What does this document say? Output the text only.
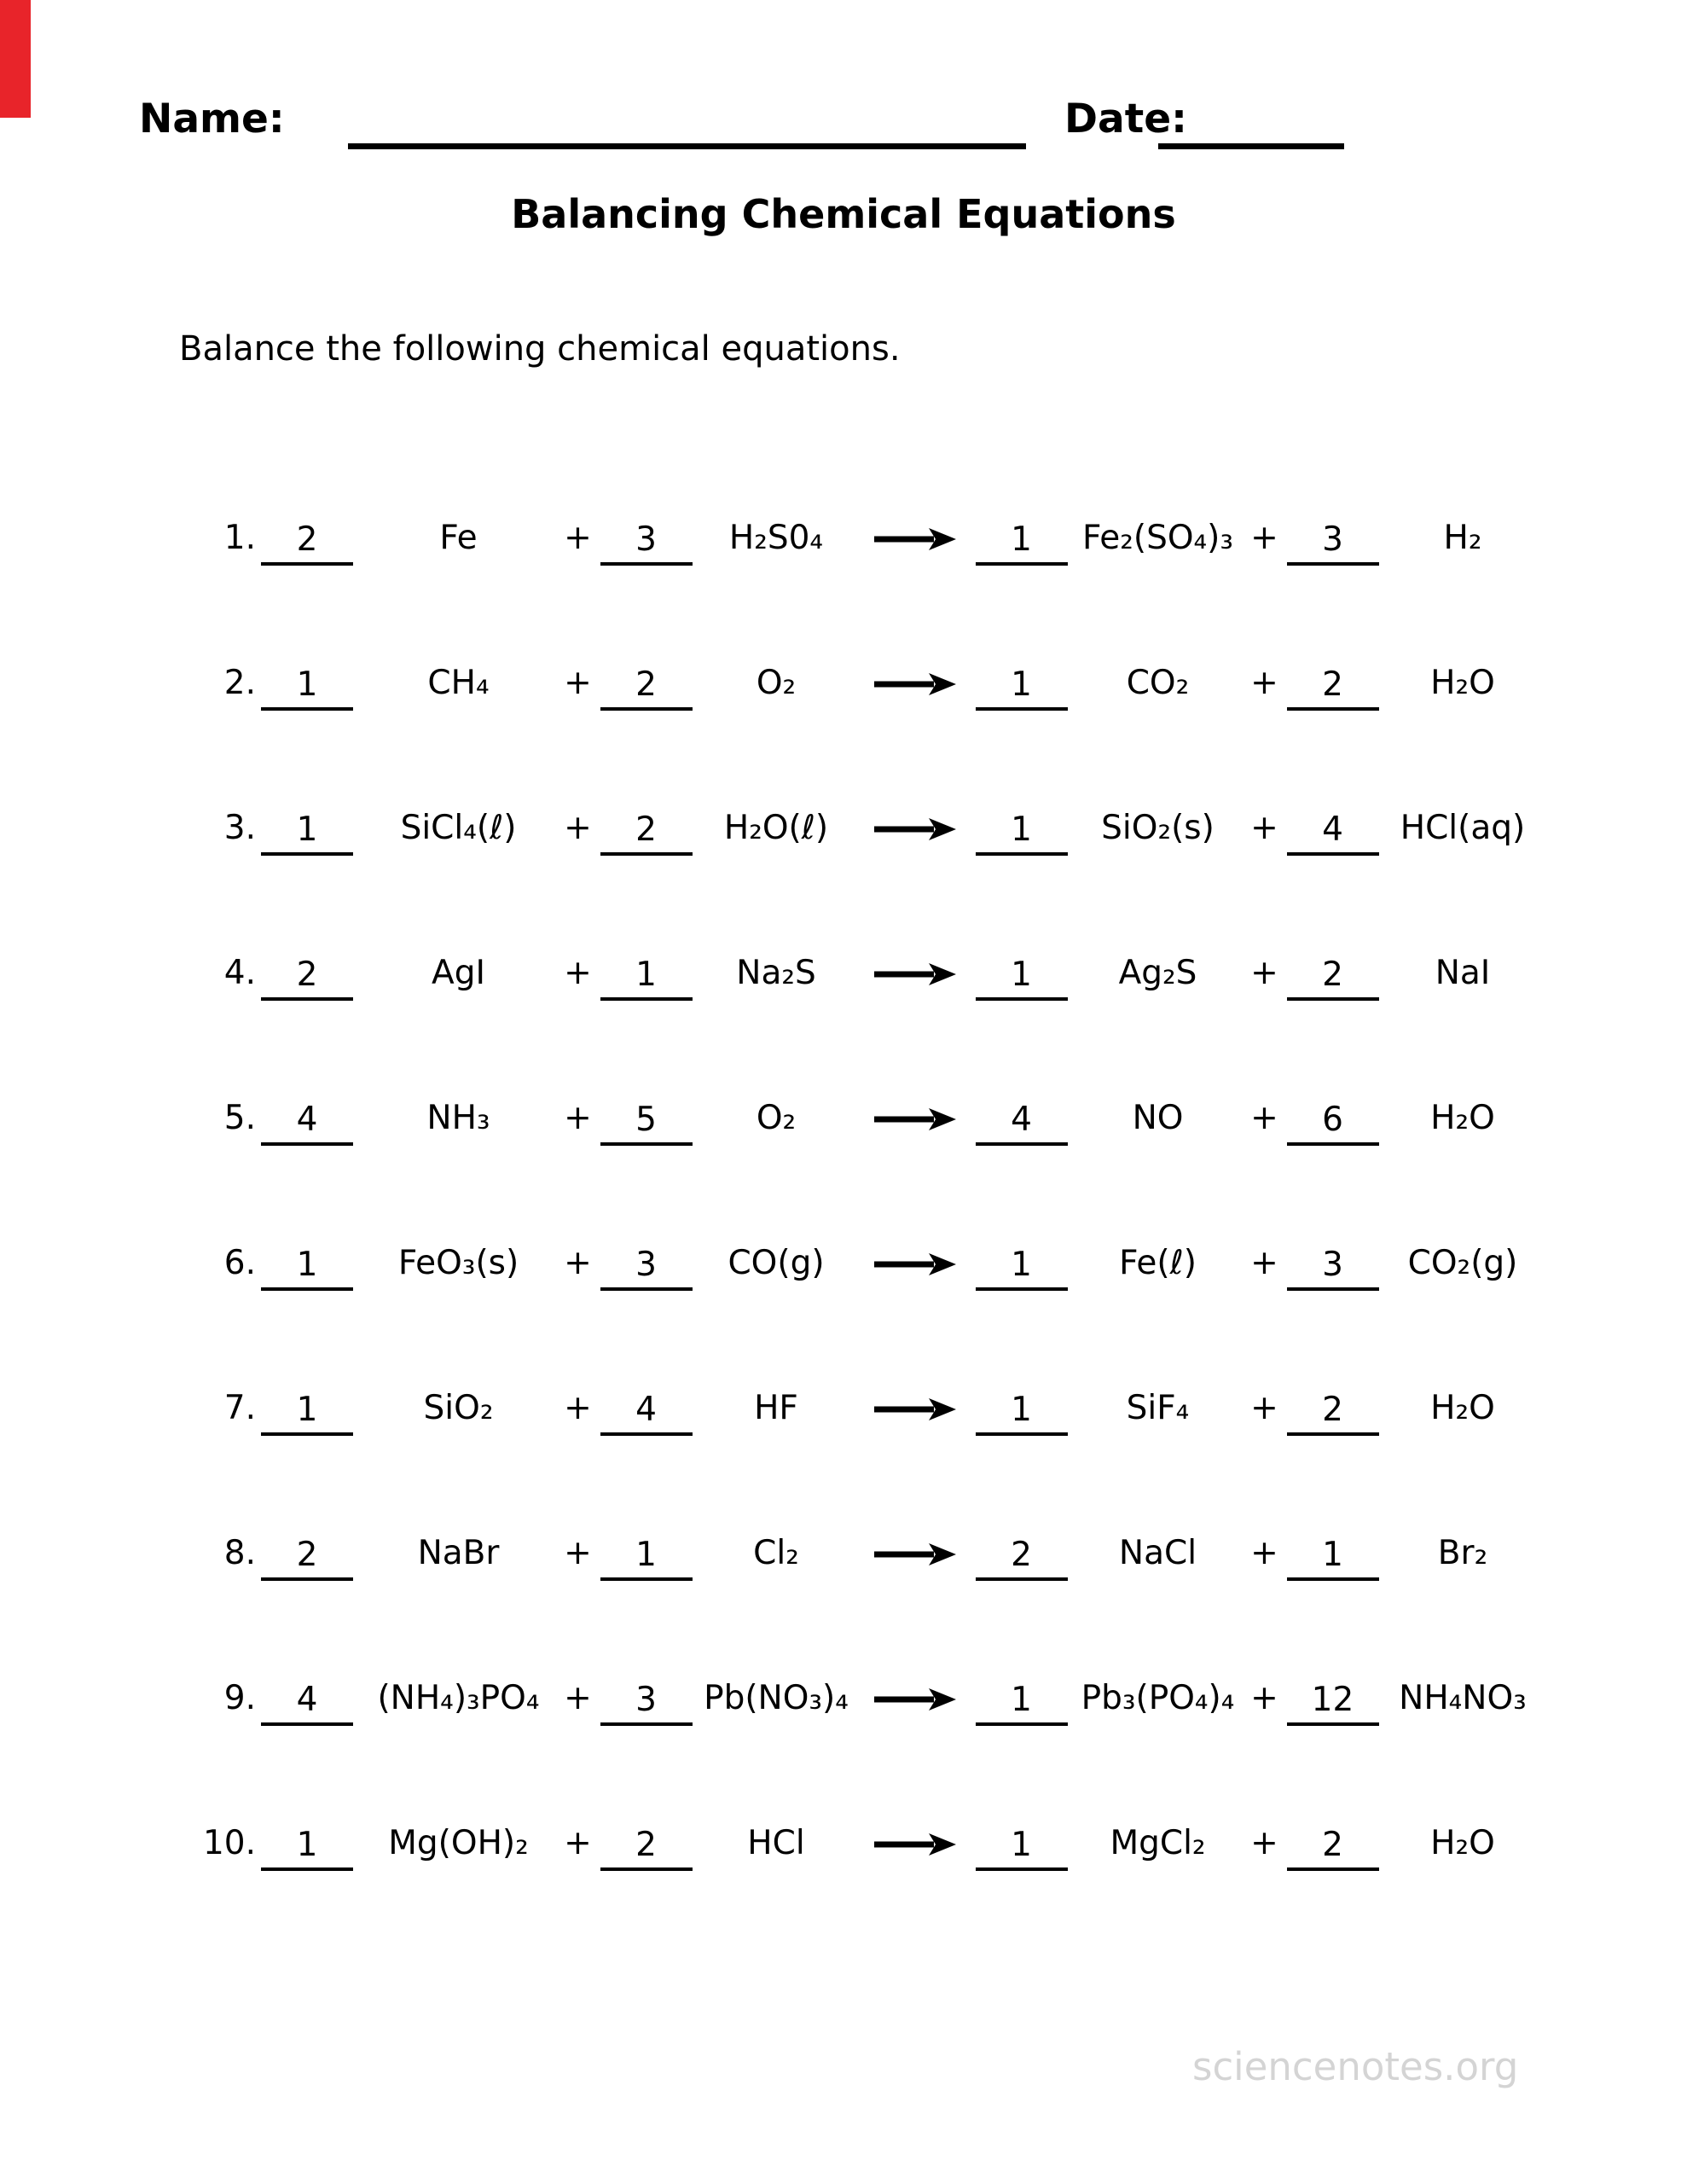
Name:	Date:
Balancing Chemical Equations
Balance the following chemical equations.
1.	2	Fe	+	3	H₂S0₄	→	1	Fe₂(SO₄)₃ +	3	H₂
2.	1	CH₄	+	2	O₂	→	1	CO₂	+	2	H₂O
3.	1	SiCl₄(ℓ)	+	2	H₂O(ℓ) →	1	SiO₂(s)	+	4	HCl(aq)
4.	2	AgI	+	1	Na₂S	→	1	Ag₂S	+	2	NaI
5.	4	NH₃	+	5	O₂	→	4	NO	+	6	H₂O
6.	1	FeO₃(s)	+	3	CO(g) →	1	Fe(ℓ)	+	3	CO₂(g)
7.	1	SiO₂	+	4	HF	→	1	SiF₄	+	2	H₂O
8.	2	NaBr	+	1	Cl₂	→	2	NaCl	+	1	Br₂
9.	4	(NH₄)₃PO₄ +	3	Pb(NO₃)₄ →	1	Pb₃(PO₄)₄ + 12	NH₄NO₃
10.	1	Mg(OH)₂	+	2	HCl	→	1	MgCl₂	+	2	H₂O
sciencenotes.org
